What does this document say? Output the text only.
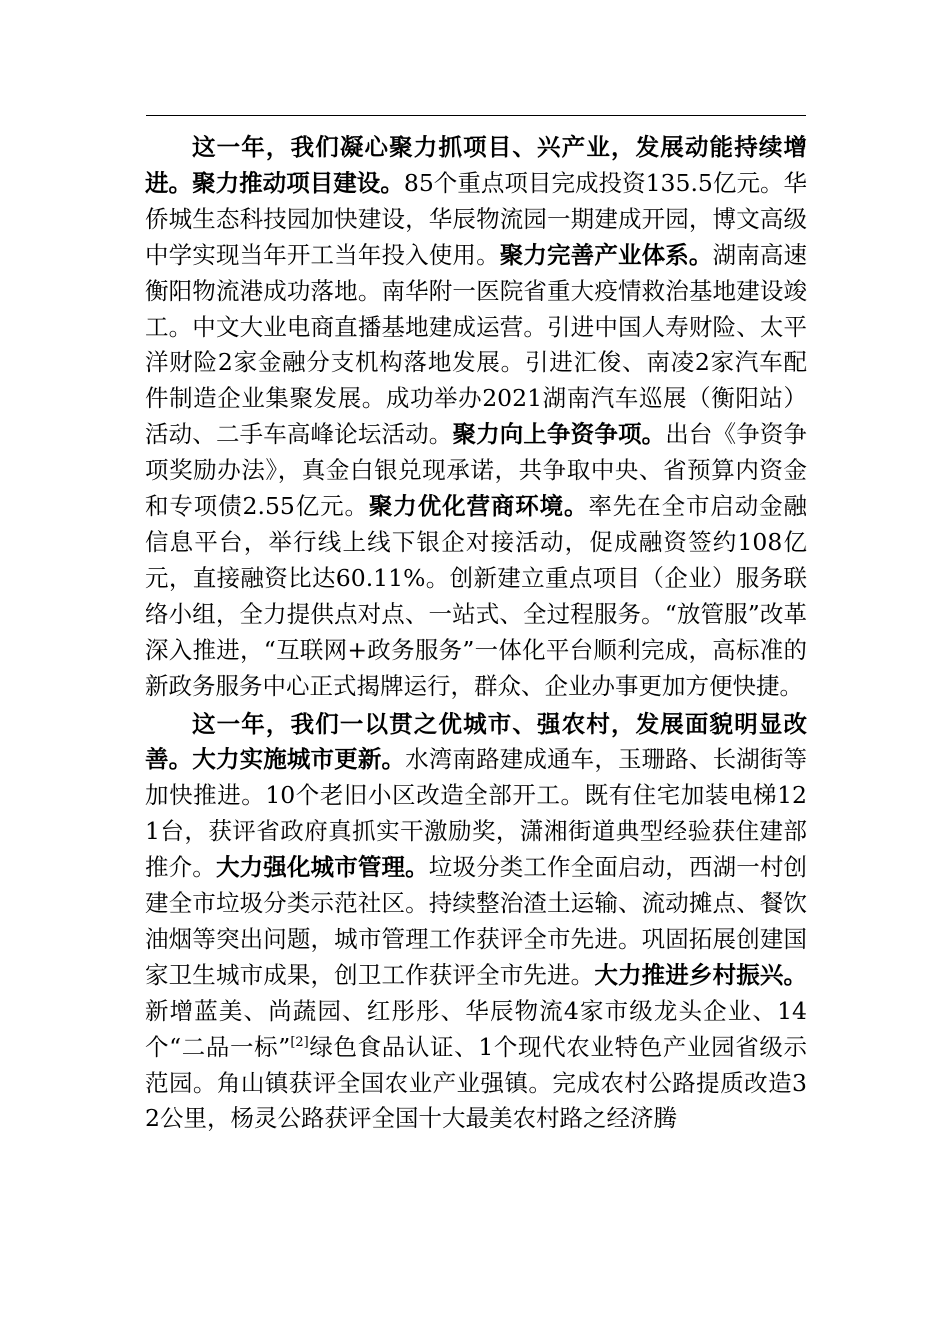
这一年，我们凝心聚力抓项目、兴产业，发展动能持续增进。聚力推动项目建设。85个重点项目完成投资135.5亿元。华侨城生态科技园加快建设，华辰物流园一期建成开园，博文高级中学实现当年开工当年投入使用。聚力完善产业体系。湖南高速衡阳物流港成功落地。南华附一医院省重大疫情救治基地建设竣工。中文大业电商直播基地建成运营。引进中国人寿财险、太平洋财险2家金融分支机构落地发展。引进汇俊、南凌2家汽车配件制造企业集聚发展。成功举办2021湖南汽车巡展（衡阳站）活动、二手车高峰论坛活动。聚力向上争资争项。出台《争资争项奖励办法》，真金白银兑现承诺，共争取中央、省预算内资金和专项债2.55亿元。聚力优化营商环境。率先在全市启动金融信息平台，举行线上线下银企对接活动，促成融资签约108亿元，直接融资比达60.11%。创新建立重点项目（企业）服务联络小组，全力提供点对点、一站式、全过程服务。“放管服”改革深入推进，“互联网+政务服务”一体化平台顺利完成，高标准的新政务服务中心正式揭牌运行，群众、企业办事更加方便快捷。

这一年，我们一以贯之优城市、强农村，发展面貌明显改善。大力实施城市更新。水湾南路建成通车，玉珊路、长湖街等加快推进。10个老旧小区改造全部开工。既有住宅加装电梯121台，获评省政府真抓实干激励奖，潇湘街道典型经验获住建部推介。大力强化城市管理。垃圾分类工作全面启动，西湖一村创建全市垃圾分类示范社区。持续整治渣土运输、流动摊点、餐饮油烟等突出问题，城市管理工作获评全市先进。巩固拓展创建国家卫生城市成果，创卫工作获评全市先进。大力推进乡村振兴。新增蓝美、尚蔬园、红彤彤、华辰物流4家市级龙头企业、14个“二品一标”[2]绿色食品认证、1个现代农业特色产业园省级示范园。角山镇获评全国农业产业强镇。完成农村公路提质改造32公里，杨灵公路获评全国十大最美农村路之经济腾
